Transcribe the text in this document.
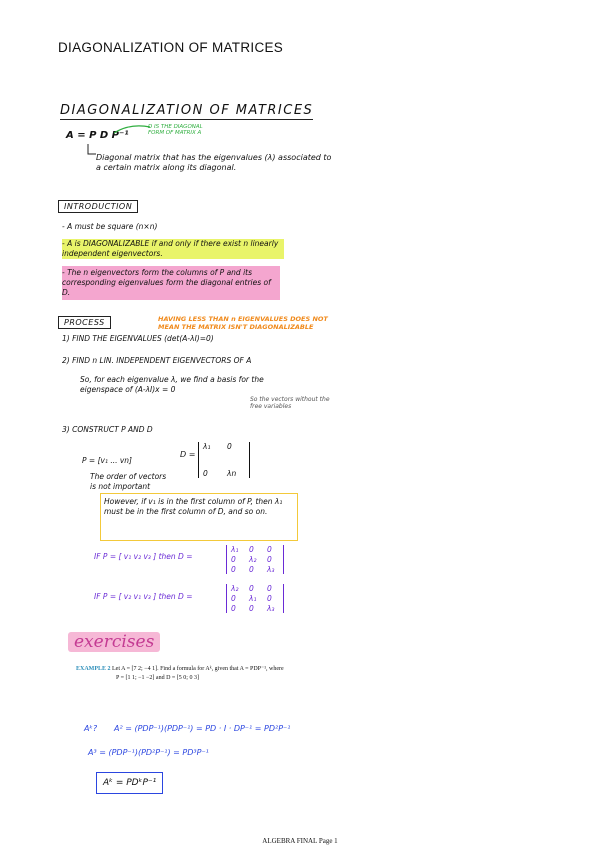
DIAGONALIZATION OF MATRICES
DIAGONALIZATION OF MATRICES
A = P D P⁻¹
D IS THE DIAGONAL FORM OF MATRIX A
Diagonal matrix that has the eigenvalues (λ) associated to a certain matrix along its diagonal.
INTRODUCTION
- A must be square (n×n)
- A is DIAGONALIZABLE if and only if there exist n linearly independent eigenvectors.
- The n eigenvectors form the columns of P and its corresponding eigenvalues form the diagonal entries of D.
PROCESS	HAVING LESS THAN n EIGENVALUES DOES NOT MEAN THE MATRIX ISN'T DIAGONALIZABLE
1) FIND THE EIGENVALUES (det(A-λI)=0)
2) FIND n LIN. INDEPENDENT EIGENVECTORS OF A
So, for each eigenvalue λ, we find a basis for the eigenspace of (A-λI)x = 0
So the vectors without the free variables
3) CONSTRUCT P AND D
P = [v₁ ... vn]
The order of vectors is not important
D =
λ₁	0
0	λn
However, if v₁ is in the first column of P, then λ₁ must be in the first column of D, and so on.
IF P = [ v₁ v₂ v₃ ] then D =
λ₁	0	0
0	λ₂	0
0	0	λ₃
IF P = [ v₂ v₁ v₃ ] then D =
λ₂	0	0
0	λ₁	0
0	0	λ₃
exercises
EXAMPLE 2 Let A = [7 2; −4 1]. Find a formula for Aᵏ, given that A = PDP⁻¹, where
P = [1 1; −1 −2] and D = [5 0; 0 3]
Aᵏ? A² = (PDP⁻¹)(PDP⁻¹) = PD · I · DP⁻¹ = PD²P⁻¹
A³ = (PDP⁻¹)(PD²P⁻¹) = PD³P⁻¹
Aᵏ = PDᵏP⁻¹
ALGEBRA FINAL Page 1
